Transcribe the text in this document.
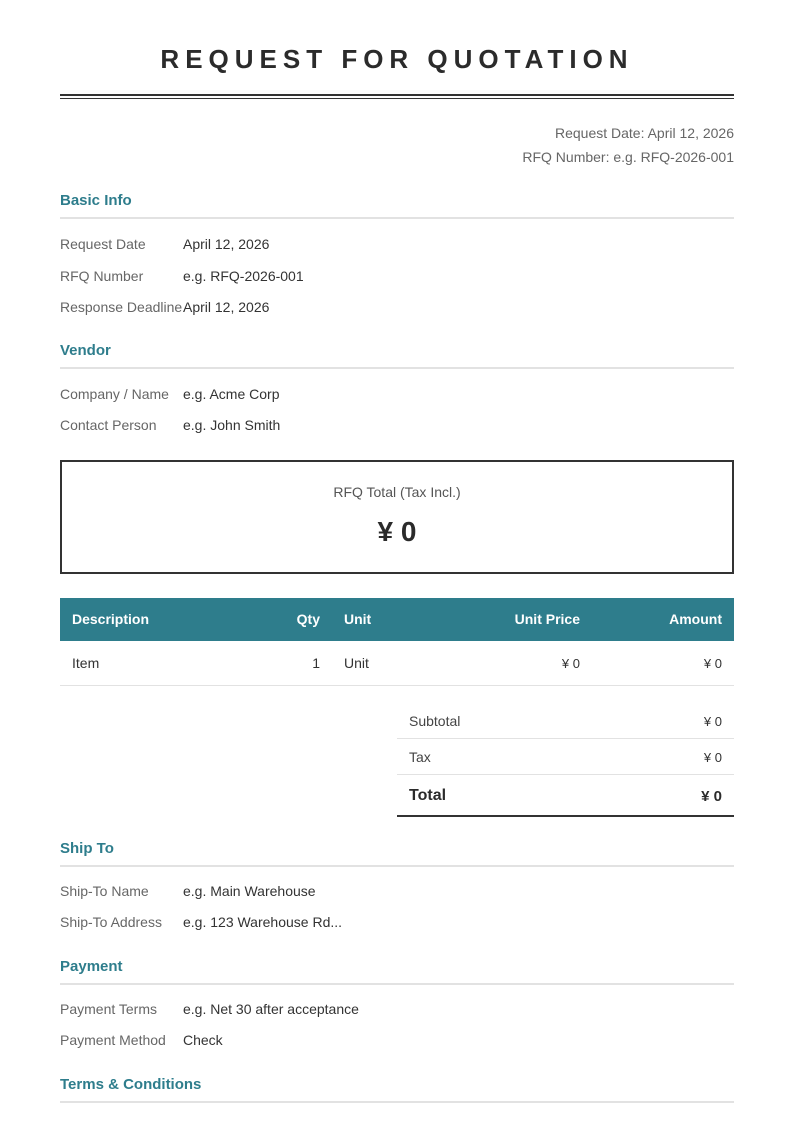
REQUEST FOR QUOTATION
Request Date: April 12, 2026
RFQ Number: e.g. RFQ-2026-001
Basic Info
Request Date	April 12, 2026
RFQ Number	e.g. RFQ-2026-001
Response Deadline April 12, 2026
Vendor
Company / Name e.g. Acme Corp
Contact Person e.g. John Smith
RFQ Total (Tax Incl.)
¥ 0
Description	Qty Unit	Unit Price	Amount
Item	1 Unit	¥ 0	¥ 0
Subtotal	¥ 0
Tax	¥ 0
Total	¥ 0
Ship To
Ship-To Name e.g. Main Warehouse
Ship-To Address e.g. 123 Warehouse Rd...
Payment
Payment Terms e.g. Net 30 after acceptance
Payment Method Check
Terms & Conditions
